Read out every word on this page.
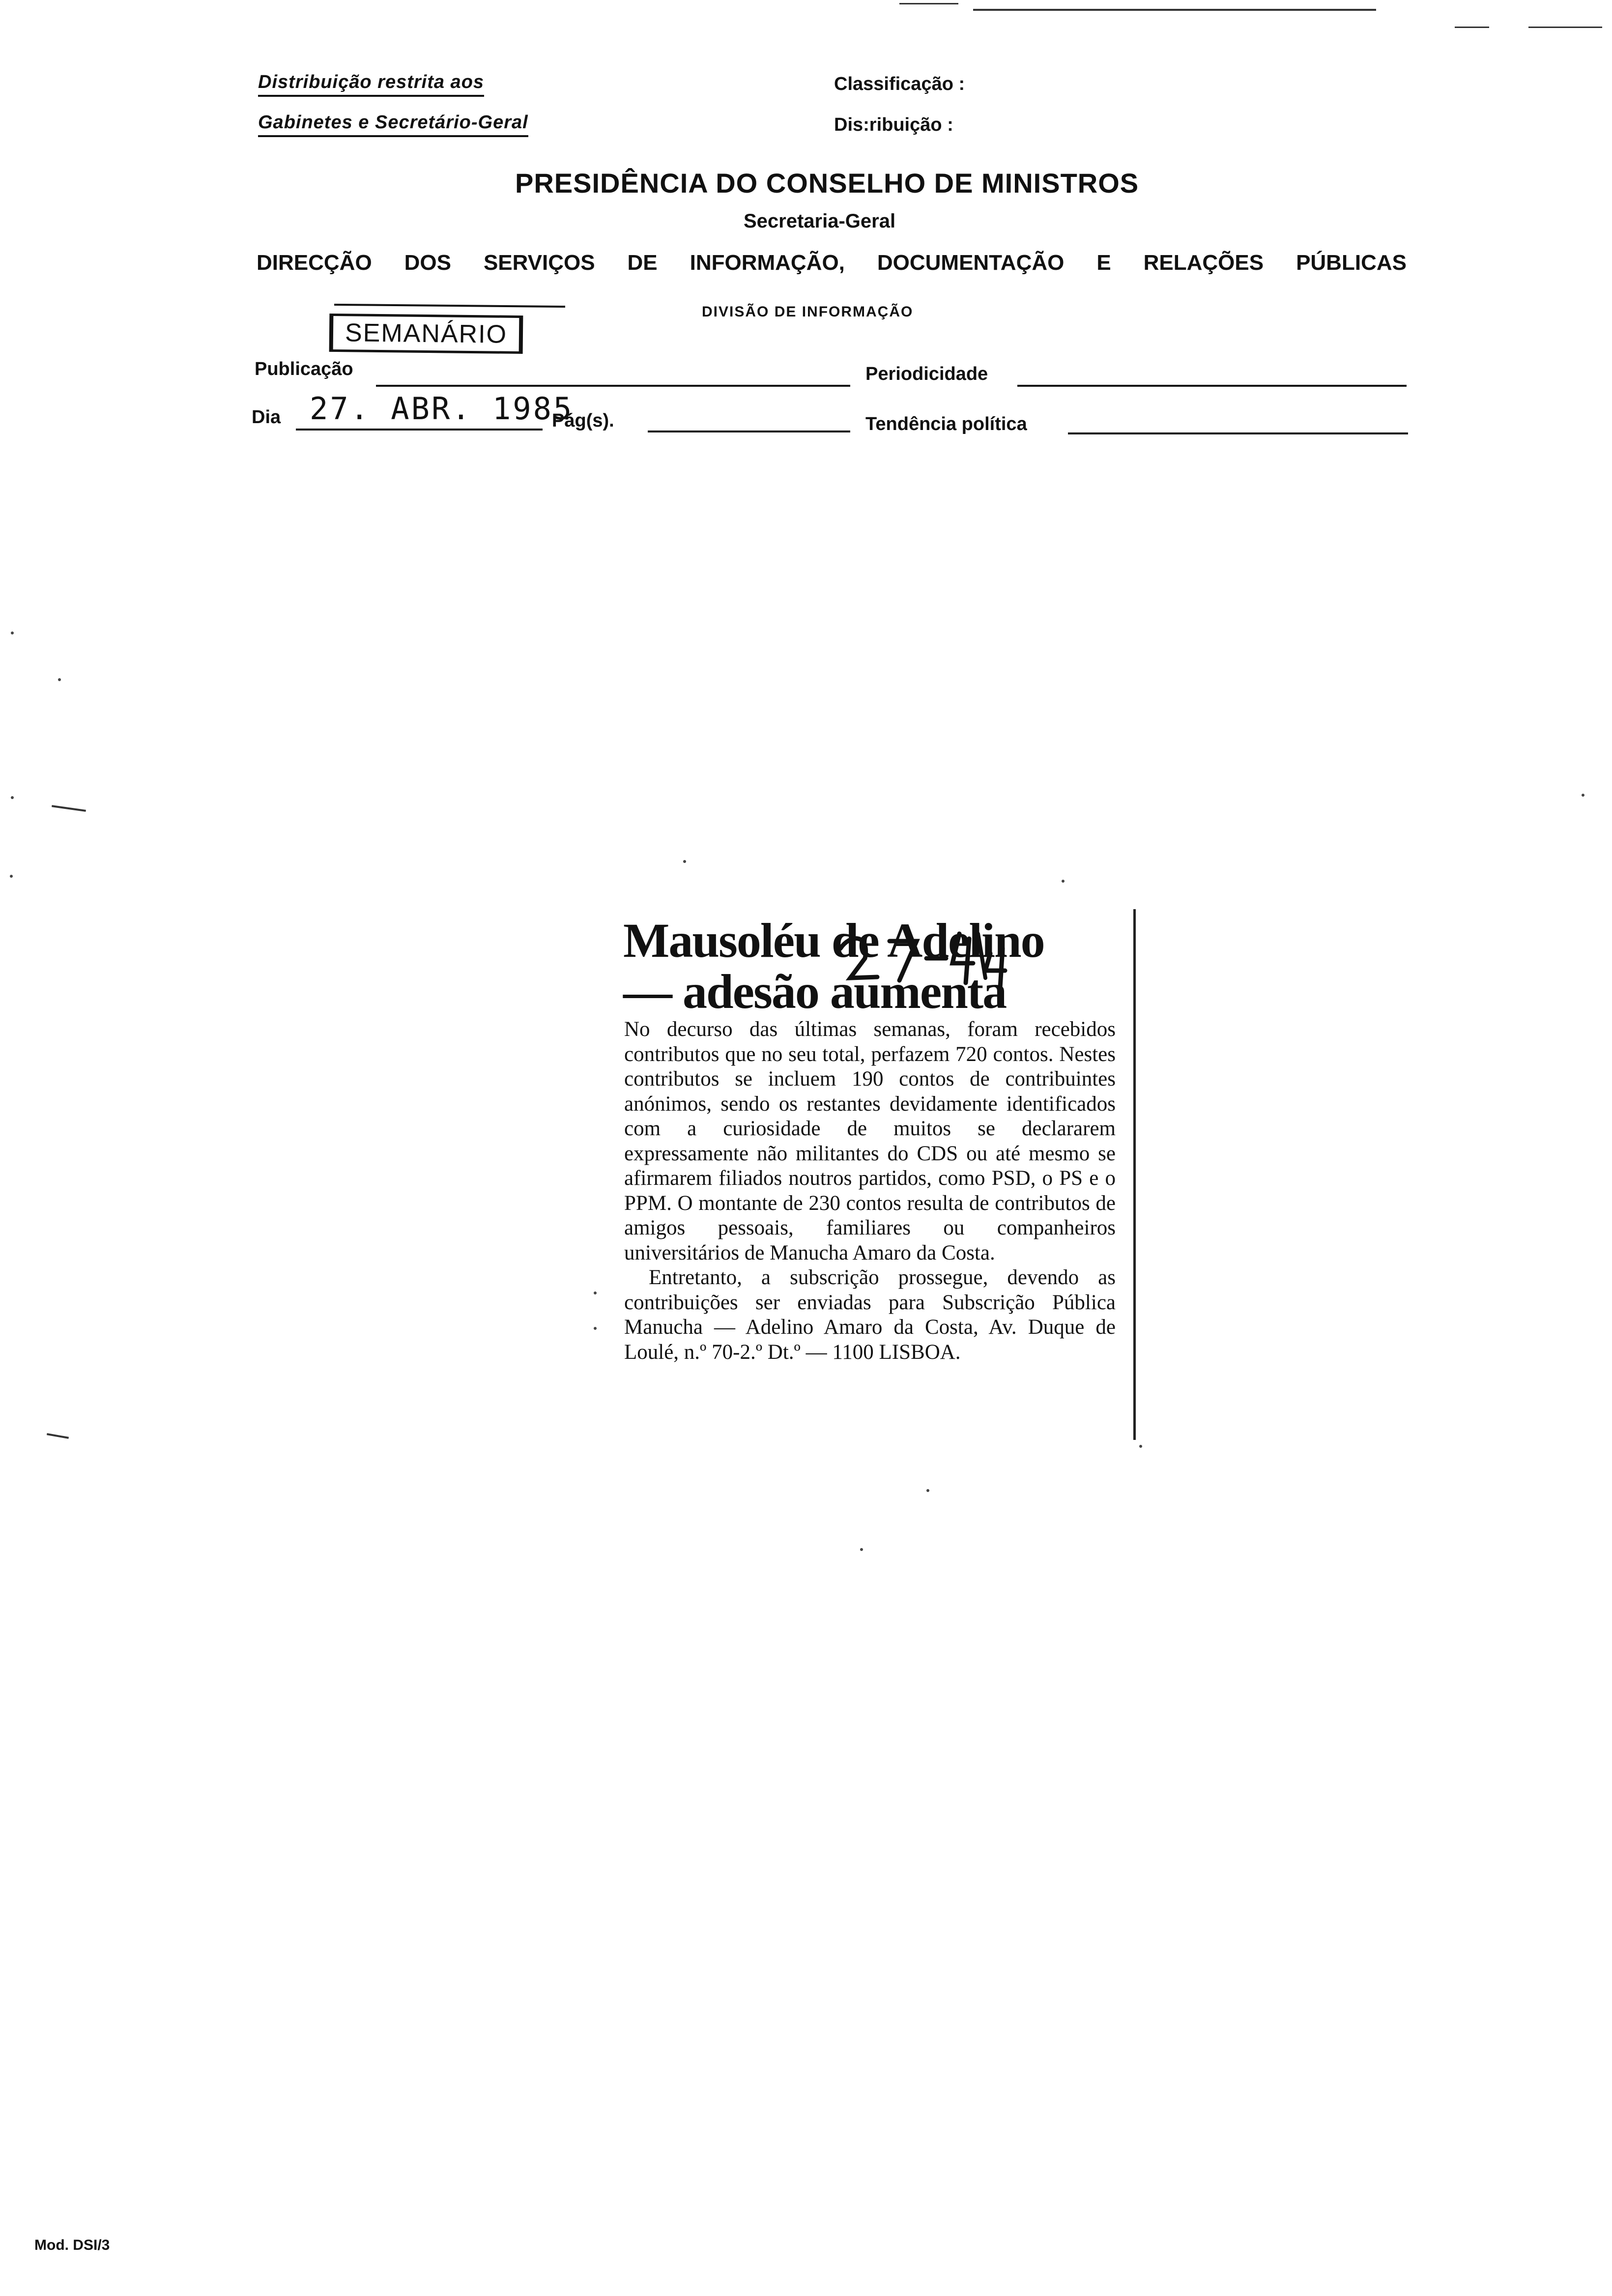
Distribuição restrita aos
Gabinetes e Secretário-Geral
Classificação :
Dis:ribuição :
PRESIDÊNCIA DO CONSELHO DE MINISTROS
Secretaria-Geral
DIRECÇÃO DOS SERVIÇOS DE INFORMAÇÃO, DOCUMENTAÇÃO E RELAÇÕES PÚBLICAS
DIVISÃO DE INFORMAÇÃO
SEMANÁRIO
Publicação	Periodicidade
Dia 27. ABR. 1985
Pág(s).	Tendência política
Mausoléu de Adelino
— adesão aumenta

No decurso das últimas semanas, foram recebidos contributos que no seu total, perfazem 720 contos. Nestes contributos se incluem 190 contos de contribuintes anónimos, sendo os restantes devidamente identificados com a curiosidade de muitos se declararem expressamente não militantes do CDS ou até mesmo se afirmarem filiados noutros partidos, como PSD, o PS e o PPM. O montante de 230 contos resulta de contributos de amigos pessoais, familiares ou companheiros universitários de Manucha Amaro da Costa.

Entretanto, a subscrição prossegue, devendo as contribuições ser enviadas para Subscrição Pública Manucha — Adelino Amaro da Costa, Av. Duque de Loulé, n.º 70-2.º Dt.º — 1100 LISBOA.

Mod. DSI/3
